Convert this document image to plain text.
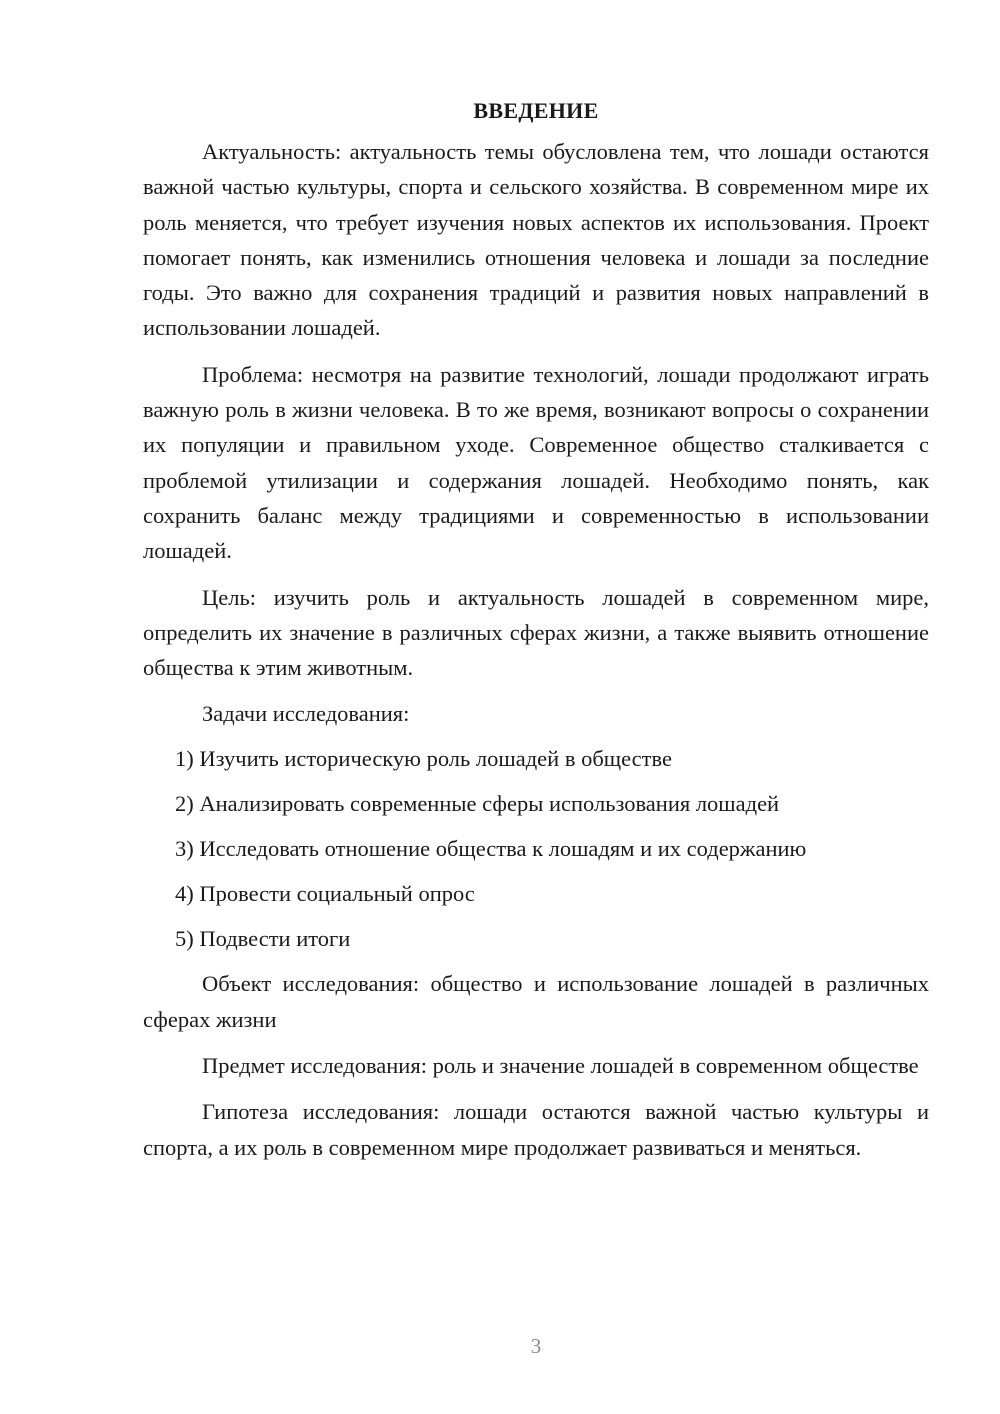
ВВЕДЕНИЕ

Актуальность: актуальность темы обусловлена тем, что лошади остаются важной частью культуры, спорта и сельского хозяйства. В современном мире их роль меняется, что требует изучения новых аспектов их использования. Проект помогает понять, как изменились отношения человека и лошади за последние годы. Это важно для сохранения традиций и развития новых направлений в использовании лошадей.

Проблема: несмотря на развитие технологий, лошади продолжают играть важную роль в жизни человека. В то же время, возникают вопросы о сохранении их популяции и правильном уходе. Современное общество сталкивается с проблемой утилизации и содержания лошадей. Необходимо понять, как сохранить баланс между традициями и современностью в использовании лошадей.

Цель: изучить роль и актуальность лошадей в современном мире, определить их значение в различных сферах жизни, а также выявить отношение общества к этим животным.

Задачи исследования:

1) Изучить историческую роль лошадей в обществе
2) Анализировать современные сферы использования лошадей
3) Исследовать отношение общества к лошадям и их содержанию
4) Провести социальный опрос
5) Подвести итоги

Объект исследования: общество и использование лошадей в различных сферах жизни

Предмет исследования: роль и значение лошадей в современном обществе

Гипотеза исследования: лошади остаются важной частью культуры и спорта, а их роль в современном мире продолжает развиваться и меняться.

3
